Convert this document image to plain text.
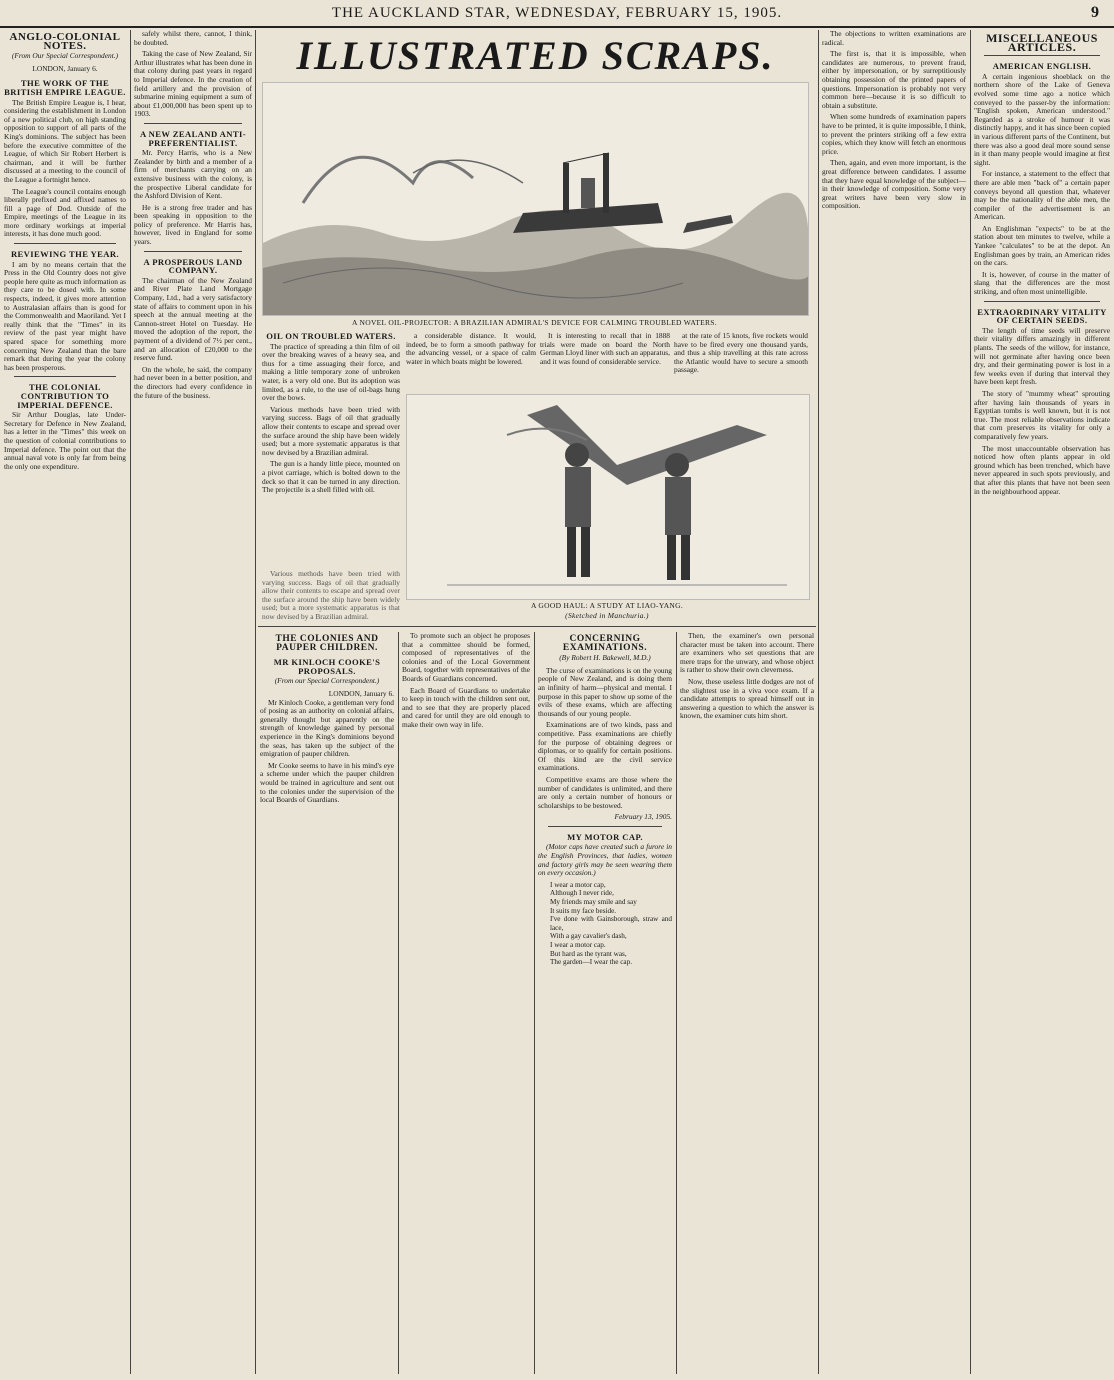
THE AUCKLAND STAR, WEDNESDAY, FEBRUARY 15, 1905.	9
ANGLO-COLONIAL NOTES.
(From Our Special Correspondent.)
LONDON, January 6.
THE WORK OF THE BRITISH EMPIRE LEAGUE.

The British Empire League is, I hear, considering the establishment in London of a new political club, on high standing opposition to support of all parts of the King's dominions. The subject has been before the executive committee of the League, of which Sir Robert Herbert is chairman, and it will be further discussed at a meeting to the council of the League a fortnight hence.

The League's council contains enough liberally prefixed and affixed names to fill a page of Dod. Outside of the Empire, meetings of the League in its more ordinary workings at imperial interests, it has done much good.

REVIEWING THE YEAR.

I am by no means certain that the Press in the Old Country does not give people here quite as much information as they care to be dosed with. In some respects, indeed, it gives more attention to Australasian affairs than is good for the Commonwealth and Maoriland. Yet I really think that the "Times" in its review of the past year might have spared space for something more concerning New Zealand than the bare remark that during the year the colony has been prosperous.

THE COLONIAL CONTRIBUTION TO IMPERIAL DEFENCE.

Sir Arthur Douglas, late Under-Secretary for Defence in New Zealand, has a letter in the "Times" this week on the question of colonial contributions to Imperial defence. The point out that the annual naval vote is only far from being the only one expenditure.

safely whilst there, cannot, I think, be doubted.

Taking the case of New Zealand, Sir Arthur illustrates what has been done in that colony during past years in regard to Imperial defence. In the creation of field artillery and the provision of submarine mining equipment a sum of about £1,000,000 has been spent up to 1903.

A NEW ZEALAND ANTI-PREFERENTIALIST.

Mr. Percy Harris, who is a New Zealander by birth and a member of a firm of merchants carrying on an extensive business with the colony, is the prospective Liberal candidate for the Ashford Division of Kent.

He is a strong free trader and has been speaking in opposition to the policy of preference. Mr Harris has, however, lived in England for some years.

A PROSPEROUS LAND COMPANY.

The chairman of the New Zealand and River Plate Land Mortgage Company, Ltd., had a very satisfactory state of affairs to comment upon in his speech at the annual meeting at the Cannon-street Hotel on Tuesday. He moved the adoption of the report, the payment of a dividend of 7½ per cent., and an allocation of £20,000 to the reserve fund.

On the whole, he said, the company had never been in a better position, and the directors had every confidence in the future of the business.

ILLUSTRATED SCRAPS.
A NOVEL OIL-PROJECTOR: A BRAZILIAN ADMIRAL'S DEVICE FOR CALMING TROUBLED WATERS.
OIL ON TROUBLED WATERS.

The practice of spreading a thin film of oil over the breaking waves of a heavy sea, and thus for a time assuaging their force, and making a little temporary zone of unbroken water, is a very old one. But its adoption was limited, as a rule, to the use of oil-bags hung over the bows.

Various methods have been tried with varying success. Bags of oil that gradually allow their contents to escape and spread over the surface around the ship have been widely used; but a more systematic apparatus is that now devised by a Brazilian admiral.

The gun is a handy little piece, mounted on a pivot carriage, which is bolted down to the deck so that it can be turned in any direction. The projectile is a shell filled with oil.

a considerable distance. It would, indeed, be to form a smooth pathway for the advancing vessel, or a space of calm water in which boats might be lowered.

It is interesting to recall that in 1888 trials were made on board the North German Lloyd liner with such an apparatus, and it was found of considerable service.

at the rate of 15 knots, five rockets would have to be fired every one thousand yards, and thus a ship travelling at this rate across the Atlantic would have to secure a smooth passage.

A GOOD HAUL: A STUDY AT LIAO-YANG.
(Sketched in Manchuria.)

Various methods have been tried with varying success. Bags of oil that gradually allow their contents to escape and spread over the surface around the ship have been widely used; but a more systematic apparatus is that now devised by a Brazilian admiral.

THE COLONIES AND PAUPER CHILDREN.
MR KINLOCH COOKE'S PROPOSALS.
(From our Special Correspondent.)
LONDON, January 6.

Mr Kinloch Cooke, a gentleman very fond of posing as an authority on colonial affairs, generally thought but apparently on the strength of knowledge gained by personal experience in the King's dominions beyond the seas, has taken up the subject of the emigration of pauper children.

Mr Cooke seems to have in his mind's eye a scheme under which the pauper children would be trained in agriculture and sent out to the colonies under the supervision of the local Boards of Guardians.

To promote such an object he proposes that a committee should be formed, composed of representatives of the colonies and of the Local Government Board, together with representatives of the Boards of Guardians concerned.

Each Board of Guardians to undertake to keep in touch with the children sent out, and to see that they are properly placed and cared for until they are old enough to make their own way in life.

CONCERNING EXAMINATIONS.
(By Robert H. Bakewell, M.D.)

The curse of examinations is on the young people of New Zealand, and is doing them an infinity of harm—physical and mental. I purpose in this paper to show up some of the evils of these exams, which are affecting thousands of our young people.

Examinations are of two kinds, pass and competitive. Pass examinations are chiefly for the purpose of obtaining degrees or diplomas, or to qualify for certain positions. Of this kind are the civil service examinations.

Competitive exams are those where the number of candidates is unlimited, and there are only a certain number of honours or scholarships to be bestowed.

February 13, 1905.
MY MOTOR CAP.

(Motor caps have created such a furore in the English Provinces, that ladies, women and factory girls may be seen wearing them on every occasion.)

I wear a motor cap,
Although I never ride,
My friends may smile and say
It suits my face beside.
I've done with Gainsborough, straw and lace,
With a gay cavalier's dash,
I wear a motor cap.
But hard as the tyrant was,
The garden—I wear the cap.

Then, the examiner's own personal character must be taken into account. There are examiners who set questions that are mere traps for the unwary, and whose object is rather to show their own cleverness.

Now, these useless little dodges are not of the slightest use in a viva voce exam. If a candidate attempts to spread himself out in answering a question to which the answer is known, the examiner cuts him short.

The objections to written examinations are radical.

The first is, that it is impossible, when candidates are numerous, to prevent fraud, either by impersonation, or by surreptitiously obtaining possession of the printed papers of questions. Impersonation is probably not very common here—because it is so difficult to obtain a substitute.

When some hundreds of examination papers have to be printed, it is quite impossible, I think, to prevent the printers striking off a few extra copies, which they know will fetch an enormous price.

Then, again, and even more important, is the great difference between candidates. I assume that they have equal knowledge of the subject—in their knowledge of composition. Some very great writers have been very slow in composition.

MISCELLANEOUS ARTICLES.
AMERICAN ENGLISH.

A certain ingenious shoeblack on the northern shore of the Lake of Geneva evolved some time ago a notice which conveyed to the passer-by the information: "English spoken, American understood." Regarded as a stroke of humour it was distinctly happy, and it has since been copied in various different parts of the Continent, but there was also a good deal more sound sense in it than many people would imagine at first sight.

For instance, a statement to the effect that there are able men "back of" a certain paper conveys beyond all question that, whatever may be the nationality of the able men, the compiler of the advertisement is an American.

An Englishman "expects" to be at the station about ten minutes to twelve, while a Yankee "calculates" to be at the depot. An Englishman goes by train, an American rides on the cars.

It is, however, of course in the matter of slang that the differences are the most striking, and often most unintelligible.

EXTRAORDINARY VITALITY OF CERTAIN SEEDS.

The length of time seeds will preserve their vitality differs amazingly in different plants. The seeds of the willow, for instance, will not germinate after having once been dry, and their germinating power is lost in a few weeks even if during that interval they have been kept fresh.

The story of "mummy wheat" sprouting after having lain thousands of years in Egyptian tombs is well known, but it is not true. The most reliable observations indicate that corn preserves its vitality for only a comparatively few years.

The most unaccountable observation has noticed how often plants appear in old ground which has been trenched, which have never appeared in such spots previously, and that after this plants that have not been seen in the neighbourhood appear.
